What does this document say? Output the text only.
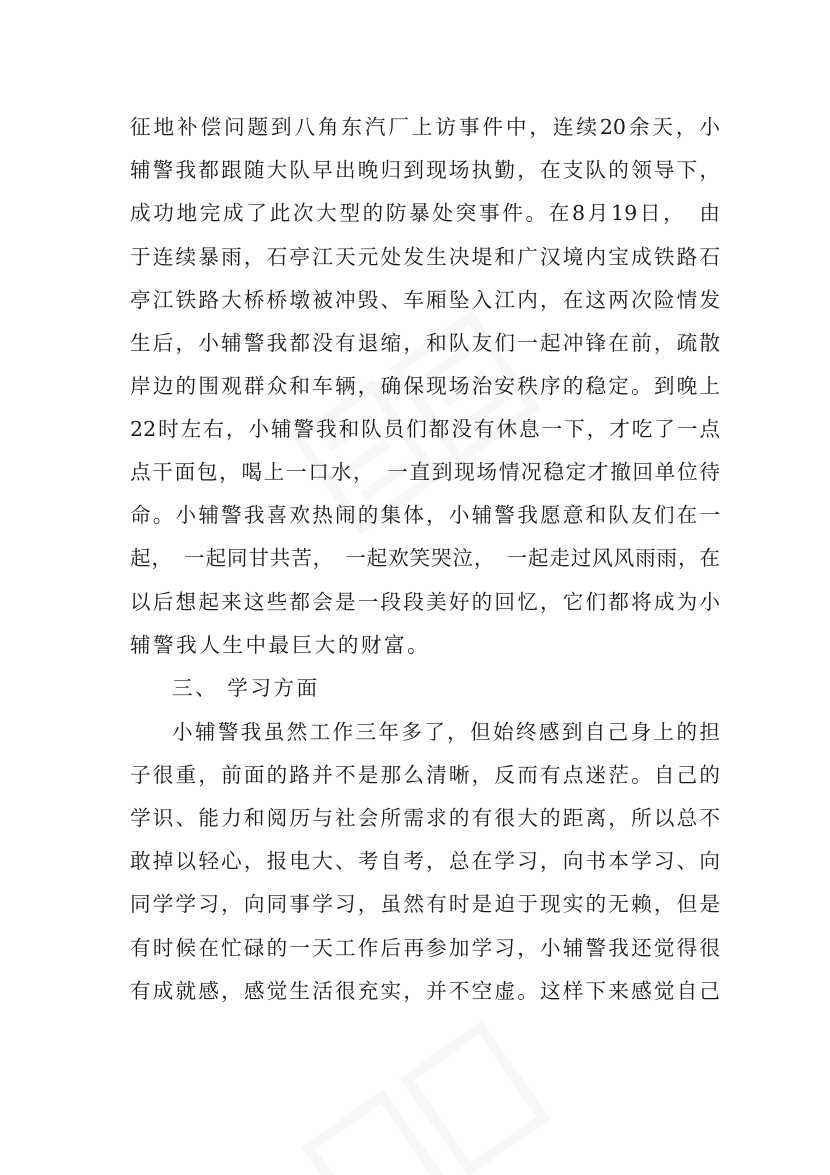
征地补偿问题到八角东汽厂上访事件中，连续20余天，小
辅警我都跟随大队早出晚归到现场执勤，在支队的领导下，
成功地完成了此次大型的防暴处突事件。在8月19日，　由
于连续暴雨，石亭江天元处发生决堤和广汉境内宝成铁路石
亭江铁路大桥桥墩被冲毁、车厢坠入江内，在这两次险情发
生后，小辅警我都没有退缩，和队友们一起冲锋在前，疏散
岸边的围观群众和车辆，确保现场治安秩序的稳定。到晚上
22时左右，小辅警我和队员们都没有休息一下，才吃了一点
点干面包，喝上一口水，　一直到现场情况稳定才撤回单位待
命。小辅警我喜欢热闹的集体，小辅警我愿意和队友们在一
起，　一起同甘共苦，　一起欢笑哭泣，　一起走过风风雨雨，在
以后想起来这些都会是一段段美好的回忆，它们都将成为小
辅警我人生中最巨大的财富。
三、 学习方面
小辅警我虽然工作三年多了，但始终感到自己身上的担
子很重，前面的路并不是那么清晰，反而有点迷茫。自己的
学识、能力和阅历与社会所需求的有很大的距离，所以总不
敢掉以轻心，报电大、考自考，总在学习，向书本学习、向
同学学习，向同事学习，虽然有时是迫于现实的无赖，但是
有时候在忙碌的一天工作后再参加学习，小辅警我还觉得很
有成就感，感觉生活很充实，并不空虚。这样下来感觉自己
